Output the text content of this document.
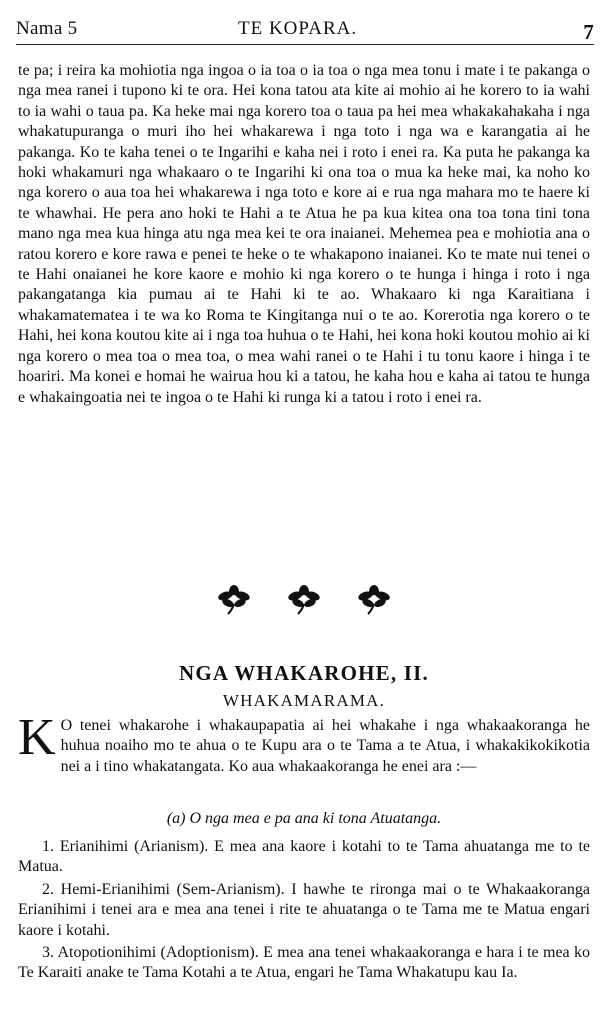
Nama 5	TE KOPARA.	7

te pa; i reira ka mohiotia nga ingoa o ia toa o ia toa o nga mea tonu i mate i te pakanga o nga mea ranei i tupono ki te ora. Hei kona tatou ata kite ai mohio ai he korero to ia wahi to ia wahi o taua pa. Ka heke mai nga korero toa o taua pa hei mea whakakahakaha i nga whakatupuranga o muri iho hei whakarewa i nga toto i nga wa e karangatia ai he pakanga. Ko te kaha tenei o te Ingarihi e kaha nei i roto i enei ra. Ka puta he pakanga ka hoki whakamuri nga whakaaro o te Ingarihi ki ona toa o mua ka heke mai, ka noho ko nga korero o aua toa hei whakarewa i nga toto e kore ai e rua nga mahara mo te haere ki te whawhai. He pera ano hoki te Hahi a te Atua he pa kua kitea ona toa tona tini tona mano nga mea kua hinga atu nga mea kei te ora inaianei. Mehemea pea e mohiotia ana o ratou korero e kore rawa e penei te heke o te whakapono inaianei. Ko te mate nui tenei o te Hahi onaianei he kore kaore e mohio ki nga korero o te hunga i hinga i roto i nga pakangatanga kia pumau ai te Hahi ki te ao. Whakaaro ki nga Karaitiana i whakamatematea i te wa ko Roma te Kingitanga nui o te ao. Korerotia nga korero o te Hahi, hei kona koutou kite ai i nga toa huhua o te Hahi, hei kona hoki koutou mohio ai ki nga korero o mea toa o mea toa, o mea wahi ranei o te Hahi i tu tonu kaore i hinga i te hoariri. Ma konei e homai he wairua hou ki a tatou, he kaha hou e kaha ai tatou te hunga e whakaingoatia nei te ingoa o te Hahi ki runga ki a tatou i roto i enei ra.

NGA WHAKAROHE, II.
WHAKAMARAMA.
K O tenei whakarohe i whakaupapatia ai hei whakahe i nga whakaakoranga he huhua noaiho mo te ahua o te Kupu ara o te Tama a te Atua, i whakakikokikotia nei a i tino whakatangata. Ko aua whakaakoranga he enei ara :—
(a) O nga mea e pa ana ki tona Atuatanga.

1. Erianihimi (Arianism). E mea ana kaore i kotahi to te Tama ahuatanga me to te Matua.

2. Hemi-Erianihimi (Sem-Arianism). I hawhe te rironga mai o te Whakaakoranga Erianihimi i tenei ara e mea ana tenei i rite te ahuatanga o te Tama me te Matua engari kaore i kotahi.

3. Atopotionihimi (Adoptionism). E mea ana tenei whakaakoranga e hara i te mea ko Te Karaiti anake te Tama Kotahi a te Atua, engari he Tama Whakatupu kau Ia.
